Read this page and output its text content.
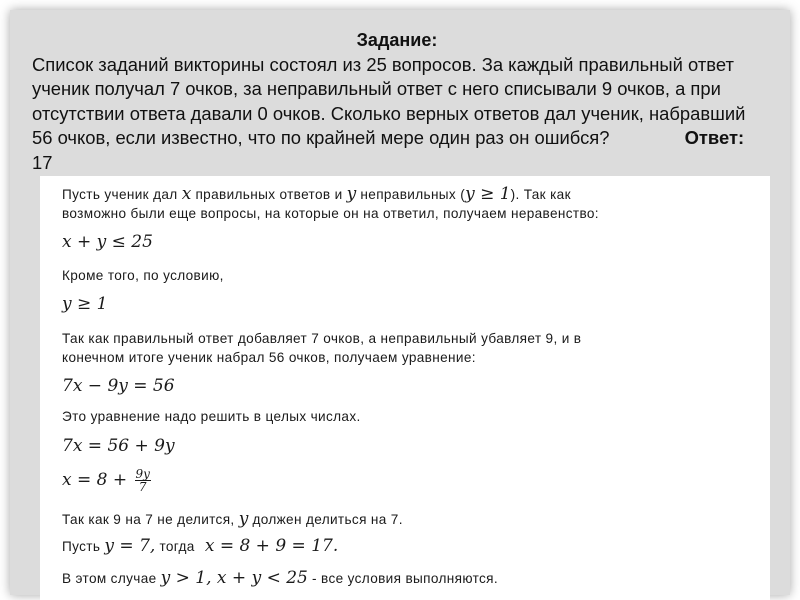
Задание:
Список заданий викторины состоял из 25 вопросов. За каждый правильный ответ ученик получал 7 очков, за неправильный ответ с него списывали 9 очков, а при отсутствии ответа давали 0 очков. Сколько верных ответов дал ученик, набравший 56 очков, если известно, что по крайней мере один раз он ошибся?	Ответ: 17
Пусть ученик дал x правильных ответов и y неправильных (y ≥ 1). Так как
возможно были еще вопросы, на которые он на ответил, получаем неравенство:
x + y ≤ 25
Кроме того, по условию,
y ≥ 1
Так как правильный ответ добавляет 7 очков, а неправильный убавляет 9, и в
конечном итоге ученик набрал 56 очков, получаем уравнение:
7x − 9y = 56
Это уравнение надо решить в целых числах.
7x = 56 + 9y
$x = 8 + \frac{9y}{7}$
Так как 9 на 7 не делится, y должен делиться на 7.
Пусть y = 7, тогда x = 8 + 9 = 17.
В этом случае y > 1, x + y < 25 - все условия выполняются.
